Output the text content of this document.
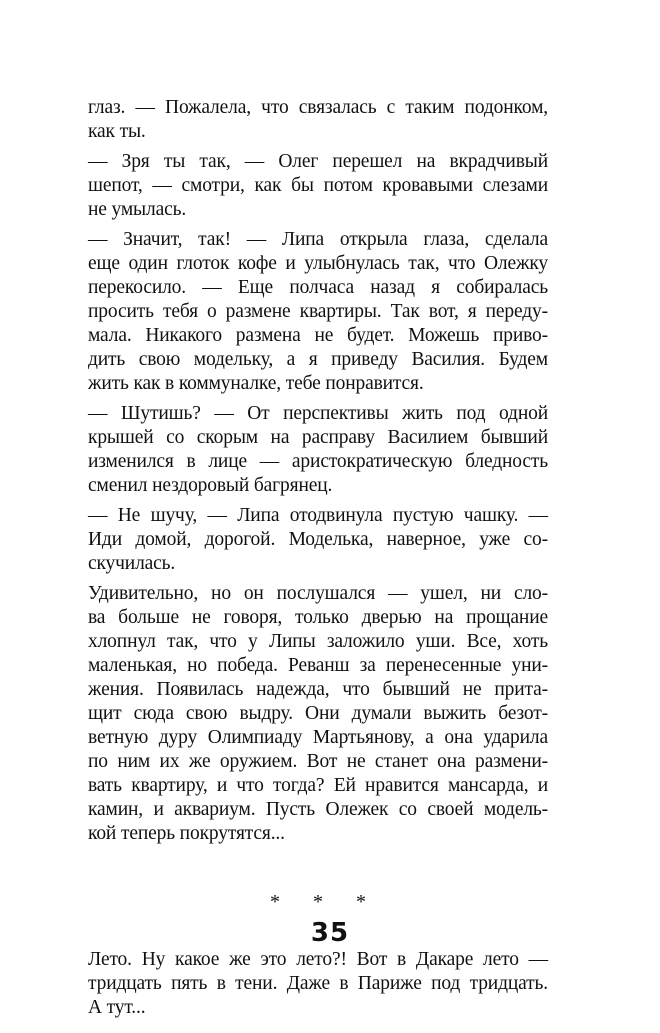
глаз. — Пожалела, что связалась с таким подонком,
как ты.
— Зря ты так, — Олег перешел на вкрадчивый
шепот, — смотри, как бы потом кровавыми слезами
не умылась.
— Значит, так! — Липа открыла глаза, сделала
еще один глоток кофе и улыбнулась так, что Олежку
перекосило. — Еще полчаса назад я собиралась
просить тебя о размене квартиры. Так вот, я переду-
мала. Никакого размена не будет. Можешь приво-
дить свою модельку, а я приведу Василия. Будем
жить как в коммуналке, тебе понравится.
— Шутишь? — От перспективы жить под одной
крышей со скорым на расправу Василием бывший
изменился в лице — аристократическую бледность
сменил нездоровый багрянец.
— Не шучу, — Липа отодвинула пустую чашку. —
Иди домой, дорогой. Моделька, наверное, уже со-
скучилась.
Удивительно, но он послушался — ушел, ни сло-
ва больше не говоря, только дверью на прощание
хлопнул так, что у Липы заложило уши. Все, хоть
маленькая, но победа. Реванш за перенесенные уни-
жения. Появилась надежда, что бывший не прита-
щит сюда свою выдру. Они думали выжить безот-
ветную дуру Олимпиаду Мартьянову, а она ударила
по ним их же оружием. Вот не станет она размени-
вать квартиру, и что тогда? Ей нравится мансарда, и
камин, и аквариум. Пусть Олежек со своей модель-
кой теперь покрутятся...
* * *
Лето. Ну какое же это лето?! Вот в Дакаре лето —
тридцать пять в тени. Даже в Париже под тридцать.
А тут...
35
